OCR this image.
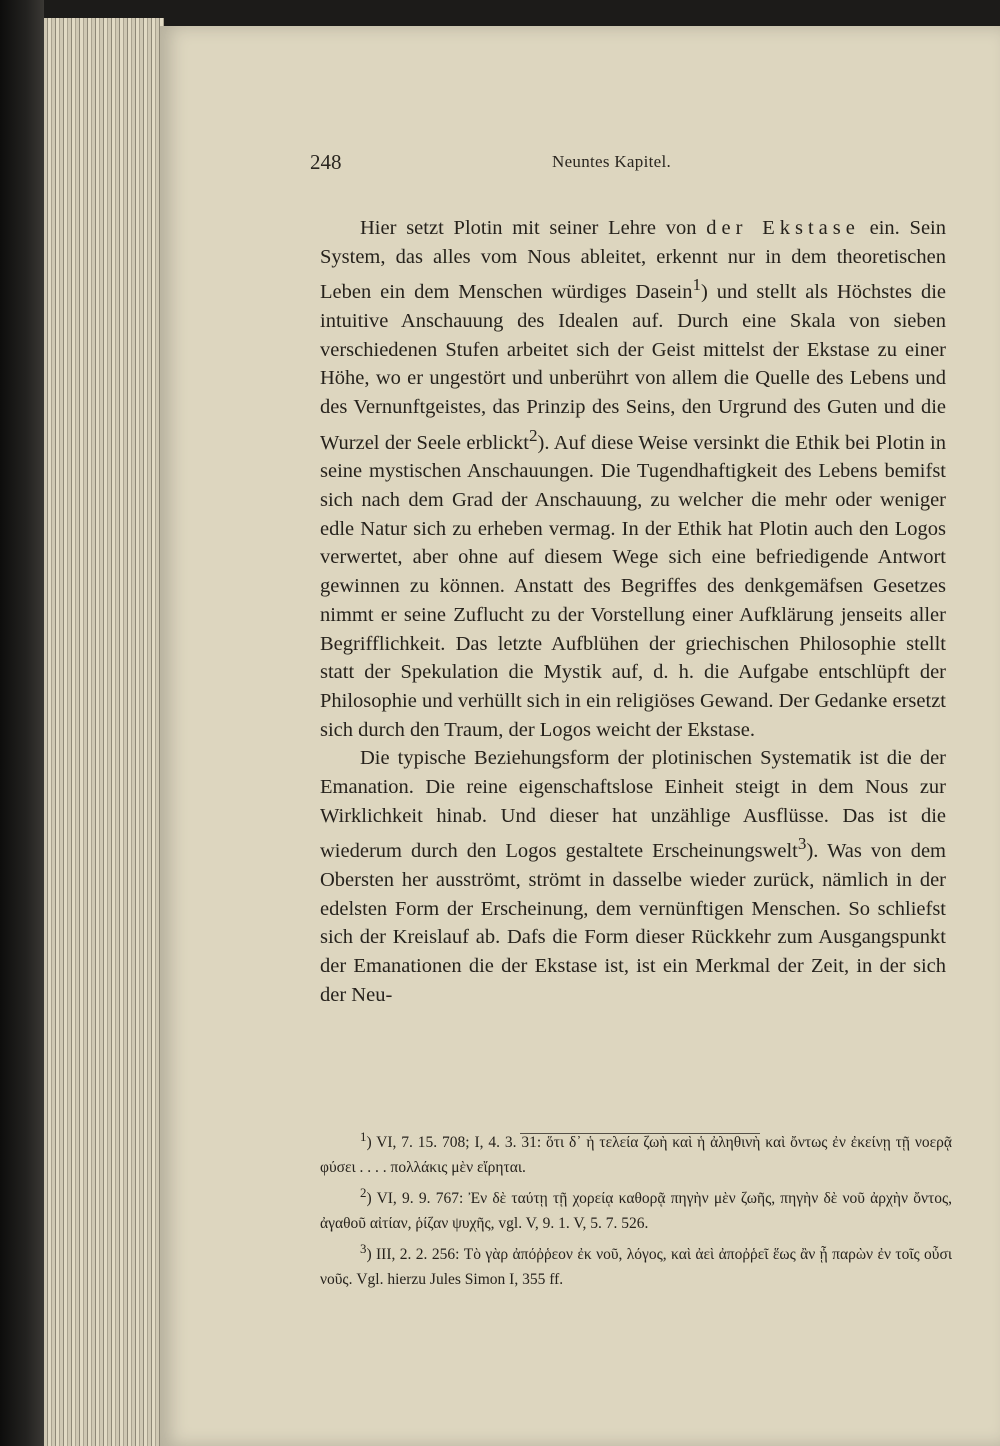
248	Neuntes Kapitel.

Hier setzt Plotin mit seiner Lehre von der Ekstase ein. Sein System, das alles vom Nous ableitet, erkennt nur in dem theoretischen Leben ein dem Menschen würdiges Dasein$^1$) und stellt als Höchstes die intuitive Anschauung des Idealen auf. Durch eine Skala von sieben verschiedenen Stufen arbeitet sich der Geist mittelst der Ekstase zu einer Höhe, wo er ungestört und unberührt von allem die Quelle des Lebens und des Vernunftgeistes, das Prinzip des Seins, den Urgrund des Guten und die Wurzel der Seele erblickt$^2$). Auf diese Weise versinkt die Ethik bei Plotin in seine mystischen Anschauungen. Die Tugendhaftigkeit des Lebens bemifst sich nach dem Grad der Anschauung, zu welcher die mehr oder weniger edle Natur sich zu erheben vermag. In der Ethik hat Plotin auch den Logos verwertet, aber ohne auf diesem Wege sich eine befriedigende Antwort gewinnen zu können. Anstatt des Begriffes des denkgemäfsen Gesetzes nimmt er seine Zuflucht zu der Vorstellung einer Aufklärung jenseits aller Begrifflichkeit. Das letzte Aufblühen der griechischen Philosophie stellt statt der Spekulation die Mystik auf, d. h. die Aufgabe entschlüpft der Philosophie und verhüllt sich in ein religiöses Gewand. Der Gedanke ersetzt sich durch den Traum, der Logos weicht der Ekstase.

Die typische Beziehungsform der plotinischen Systematik ist die der Emanation. Die reine eigenschaftslose Einheit steigt in dem Nous zur Wirklichkeit hinab. Und dieser hat unzählige Ausflüsse. Das ist die wiederum durch den Logos gestaltete Erscheinungswelt$^3$). Was von dem Obersten her ausströmt, strömt in dasselbe wieder zurück, nämlich in der edelsten Form der Erscheinung, dem vernünftigen Menschen. So schliefst sich der Kreislauf ab. Dafs die Form dieser Rückkehr zum Ausgangspunkt der Emanationen die der Ekstase ist, ist ein Merkmal der Zeit, in der sich der Neu-

$^1$) VI, 7. 15. 708; I, 4. 3. 31: ὅτι δ᾽ ἡ τελεία ζωὴ καὶ ἡ ἀληθινὴ καὶ ὄντως ἐν ἐκείνῃ τῇ νοερᾷ φύσει . . . . πολλάκις μὲν εἴρηται.

$^2$) VI, 9. 9. 767: Ἐν δὲ ταύτῃ τῇ χορείᾳ καθορᾷ πηγὴν μὲν ζωῆς, πηγὴν δὲ νοῦ ἀρχὴν ὄντος, ἀγαθοῦ αἰτίαν, ῥίζαν ψυχῆς, vgl. V, 9. 1. V, 5. 7. 526.

$^3$) III, 2. 2. 256: Τὸ γὰρ ἀπόῤῥεον ἐκ νοῦ, λόγος, καὶ ἀεὶ ἀποῤῥεῖ ἕως ἂν ᾖ παρὼν ἐν τοῖς οὖσι νοῦς. Vgl. hierzu Jules Simon I, 355 ff.
